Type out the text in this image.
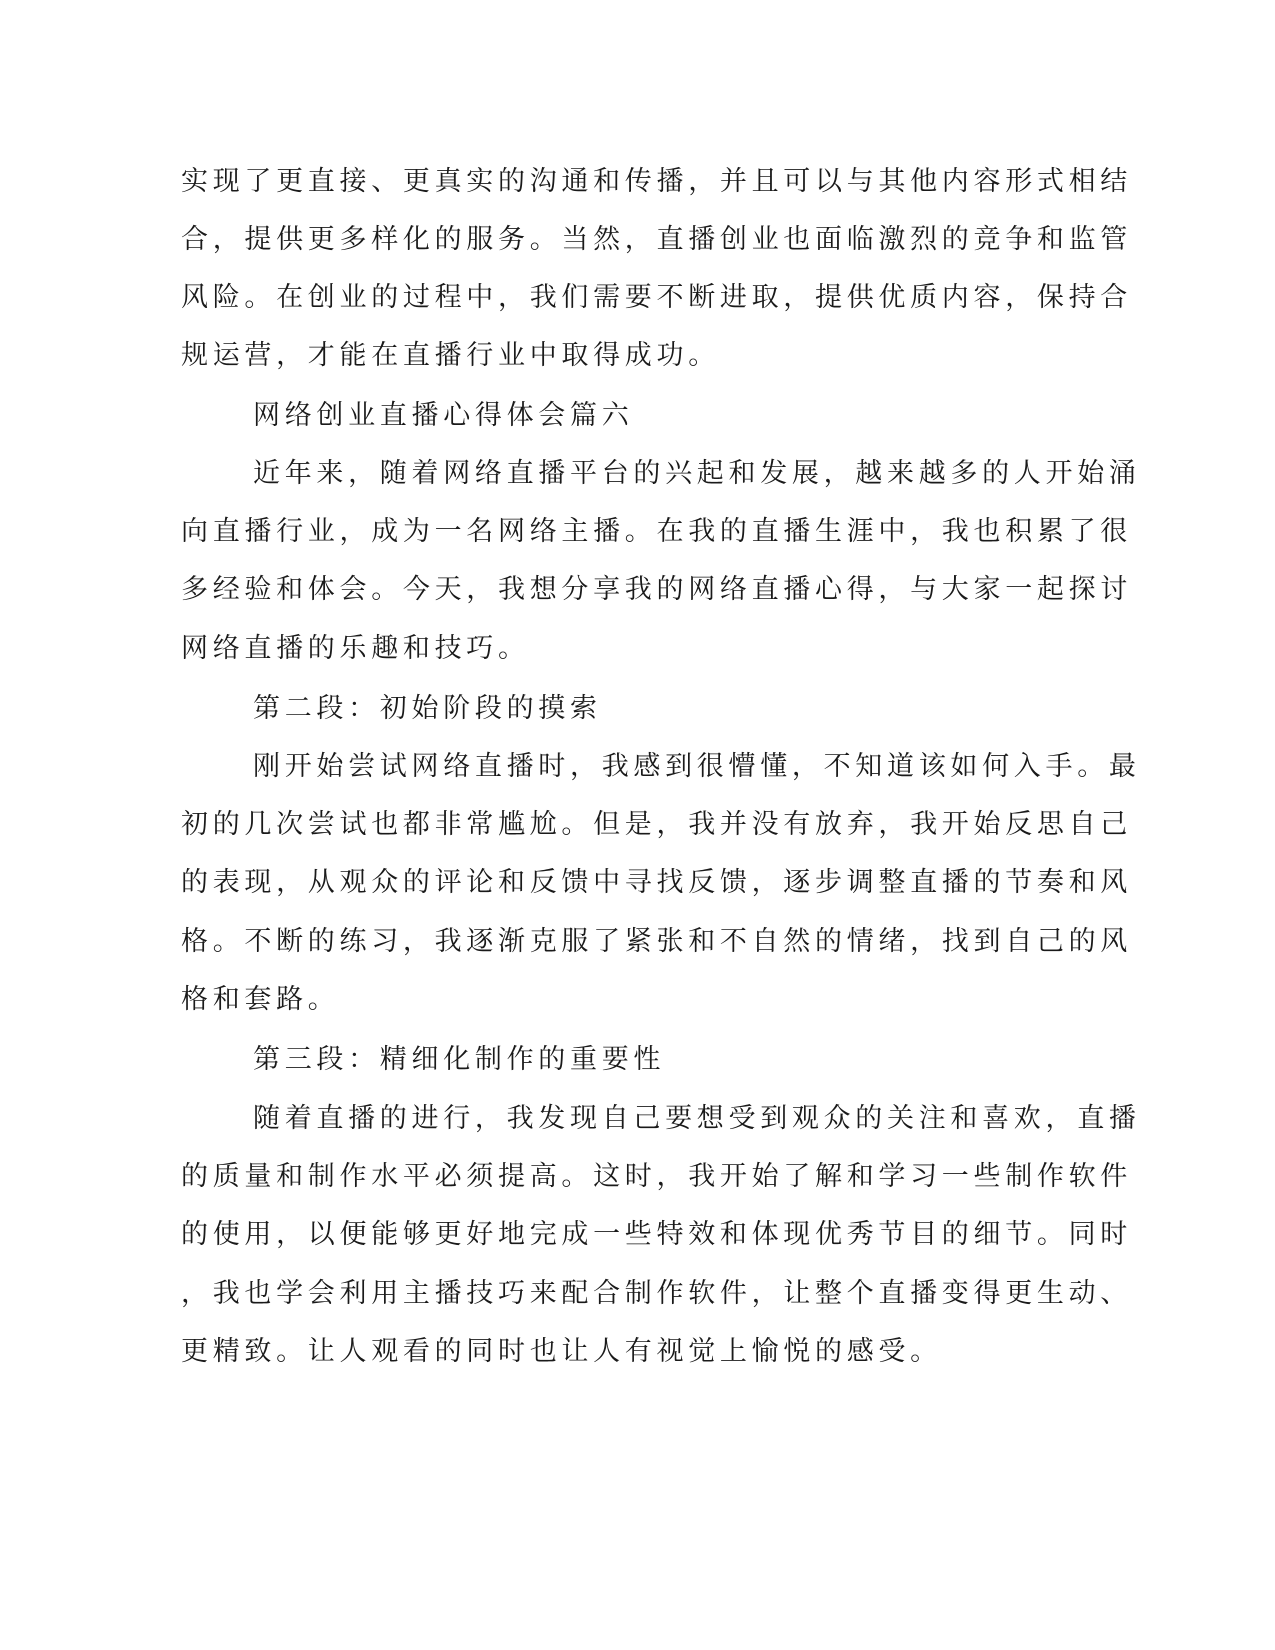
实现了更直接、更真实的沟通和传播，并且可以与其他内容形式相结

合，提供更多样化的服务。当然，直播创业也面临激烈的竞争和监管

风险。在创业的过程中，我们需要不断进取，提供优质内容，保持合

规运营，才能在直播行业中取得成功。

网络创业直播心得体会篇六

近年来，随着网络直播平台的兴起和发展，越来越多的人开始涌

向直播行业，成为一名网络主播。在我的直播生涯中，我也积累了很

多经验和体会。今天，我想分享我的网络直播心得，与大家一起探讨

网络直播的乐趣和技巧。

第二段：初始阶段的摸索

刚开始尝试网络直播时，我感到很懵懂，不知道该如何入手。最

初的几次尝试也都非常尴尬。但是，我并没有放弃，我开始反思自己

的表现，从观众的评论和反馈中寻找反馈，逐步调整直播的节奏和风

格。不断的练习，我逐渐克服了紧张和不自然的情绪，找到自己的风

格和套路。

第三段：精细化制作的重要性

随着直播的进行，我发现自己要想受到观众的关注和喜欢，直播

的质量和制作水平必须提高。这时，我开始了解和学习一些制作软件

的使用，以便能够更好地完成一些特效和体现优秀节目的细节。同时

，我也学会利用主播技巧来配合制作软件，让整个直播变得更生动、

更精致。让人观看的同时也让人有视觉上愉悦的感受。
